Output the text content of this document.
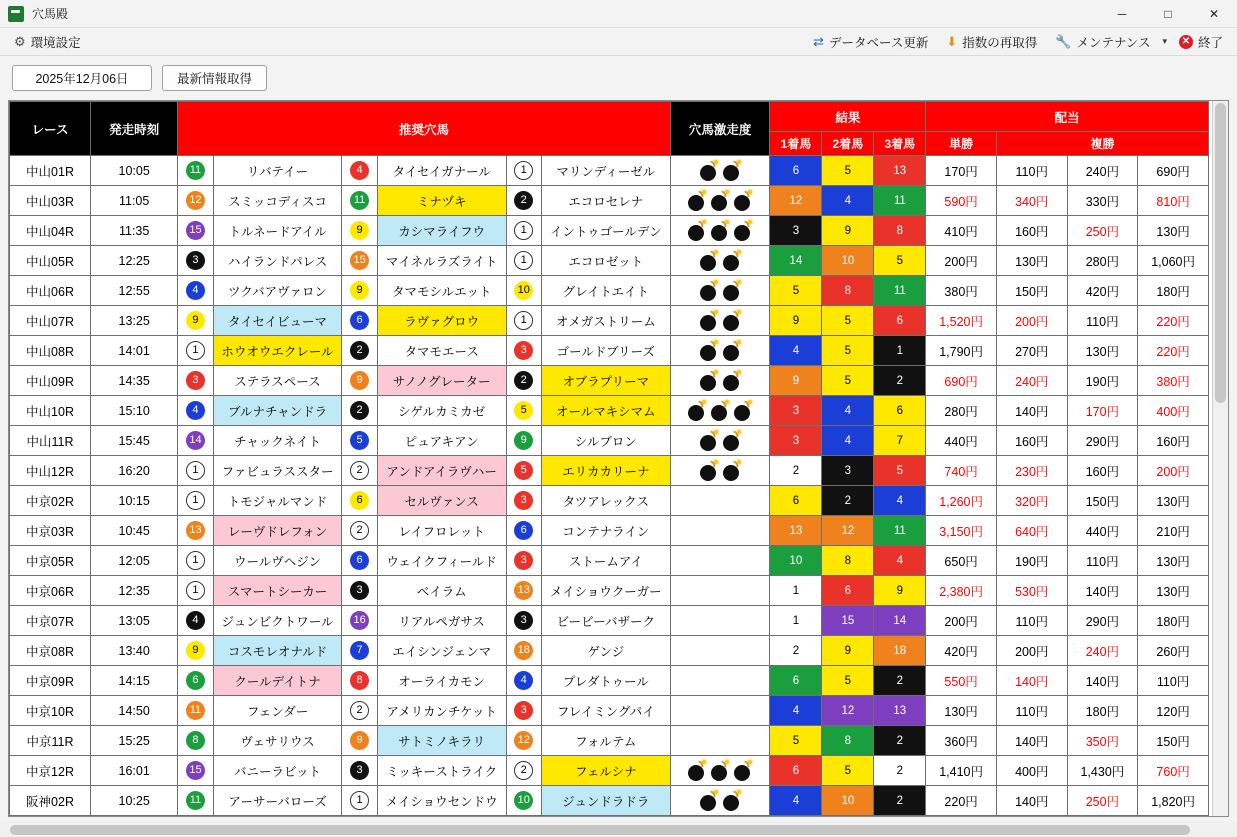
穴馬殿	─	□	✕
⚙ 環境設定	⇄ データベース更新 ⬇ 指数の再取得 🔧 メンテナンス ▾ ✕ 終了
2025年12月06日	最新情報取得
レース	発走時刻	推奨穴馬						穴馬激走度	結果			配当			
									1着馬	2着馬	3着馬	単勝	複勝		
中山01R	10:05	11	リバテイー	4	タイセイガナール	1	マリンディーゼル		6	5	13	170円	110円	240円	690円
中山03R	11:05	12	スミッコディスコ	11	ミナヅキ	2	エコロセレナ		12	4	11	590円	340円	330円	810円
中山04R	11:35	15	トルネードアイル	9	カシマライフウ	1	イントゥゴールデン		3	9	8	410円	160円	250円	130円
中山05R	12:25	3	ハイランドパレス	15	マイネルラズライト	1	エコロゼット		14	10	5	200円	130円	280円	1,060円
中山06R	12:55	4	ツクバアヴァロン	9	タマモシルエット	10	グレイトエイト		5	8	11	380円	150円	420円	180円
中山07R	13:25	9	タイセイビューマ	6	ラヴァグロウ	1	オメガストリーム		9	5	6	1,520円	200円	110円	220円
中山08R	14:01	1	ホウオウエクレール	2	タマモエース	3	ゴールドブリーズ		4	5	1	1,790円	270円	130円	220円
中山09R	14:35	3	ステラスペース	9	サノノグレーター	2	オブラプリーマ		9	5	2	690円	240円	190円	380円
中山10R	15:10	4	ブルナチャンドラ	2	シゲルカミカゼ	5	オールマキシマム		3	4	6	280円	140円	170円	400円
中山11R	15:45	14	チャックネイト	5	ピュアキアン	9	シルブロン		3	4	7	440円	160円	290円	160円
中山12R	16:20	1	ファビュラススター	2	アンドアイラヴハー	5	エリカカリーナ		2	3	5	740円	230円	160円	200円
中京02R	10:15	1	トモジャルマンド	6	セルヴァンス	3	タツアレックス		6	2	4	1,260円	320円	150円	130円
中京03R	10:45	13	レーヴドレフォン	2	レイフロレット	6	コンテナライン		13	12	11	3,150円	640円	440円	210円
中京05R	12:05	1	ウールヴヘジン	6	ウェイクフィールド	3	ストームアイ		10	8	4	650円	190円	110円	130円
中京06R	12:35	1	スマートシーカー	3	ベイラム	13	メイショウクーガー		1	6	9	2,380円	530円	140円	130円
中京07R	13:05	4	ジュンビクトワール	16	リアルペガサス	3	ビービーバザーク		1	15	14	200円	110円	290円	180円
中京08R	13:40	9	コスモレオナルド	7	エイシンジェンマ	18	ゲンジ		2	9	18	420円	200円	240円	260円
中京09R	14:15	6	クールデイトナ	8	オーライカモン	4	プレダトゥール		6	5	2	550円	140円	140円	110円
中京10R	14:50	11	フェンダー	2	アメリカンチケット	3	フレイミングパイ		4	12	13	130円	110円	180円	120円
中京11R	15:25	8	ヴェサリウス	9	サトミノキラリ	12	フォルテム		5	8	2	360円	140円	350円	150円
中京12R	16:01	15	バニーラビット	3	ミッキーストライク	2	フェルシナ		6	5	2	1,410円	400円	1,430円	760円
阪神02R	10:25	11	アーサーバローズ	1	メイショウセンドウ	10	ジュンドラドラ		4	10	2	220円	140円	250円	1,820円
